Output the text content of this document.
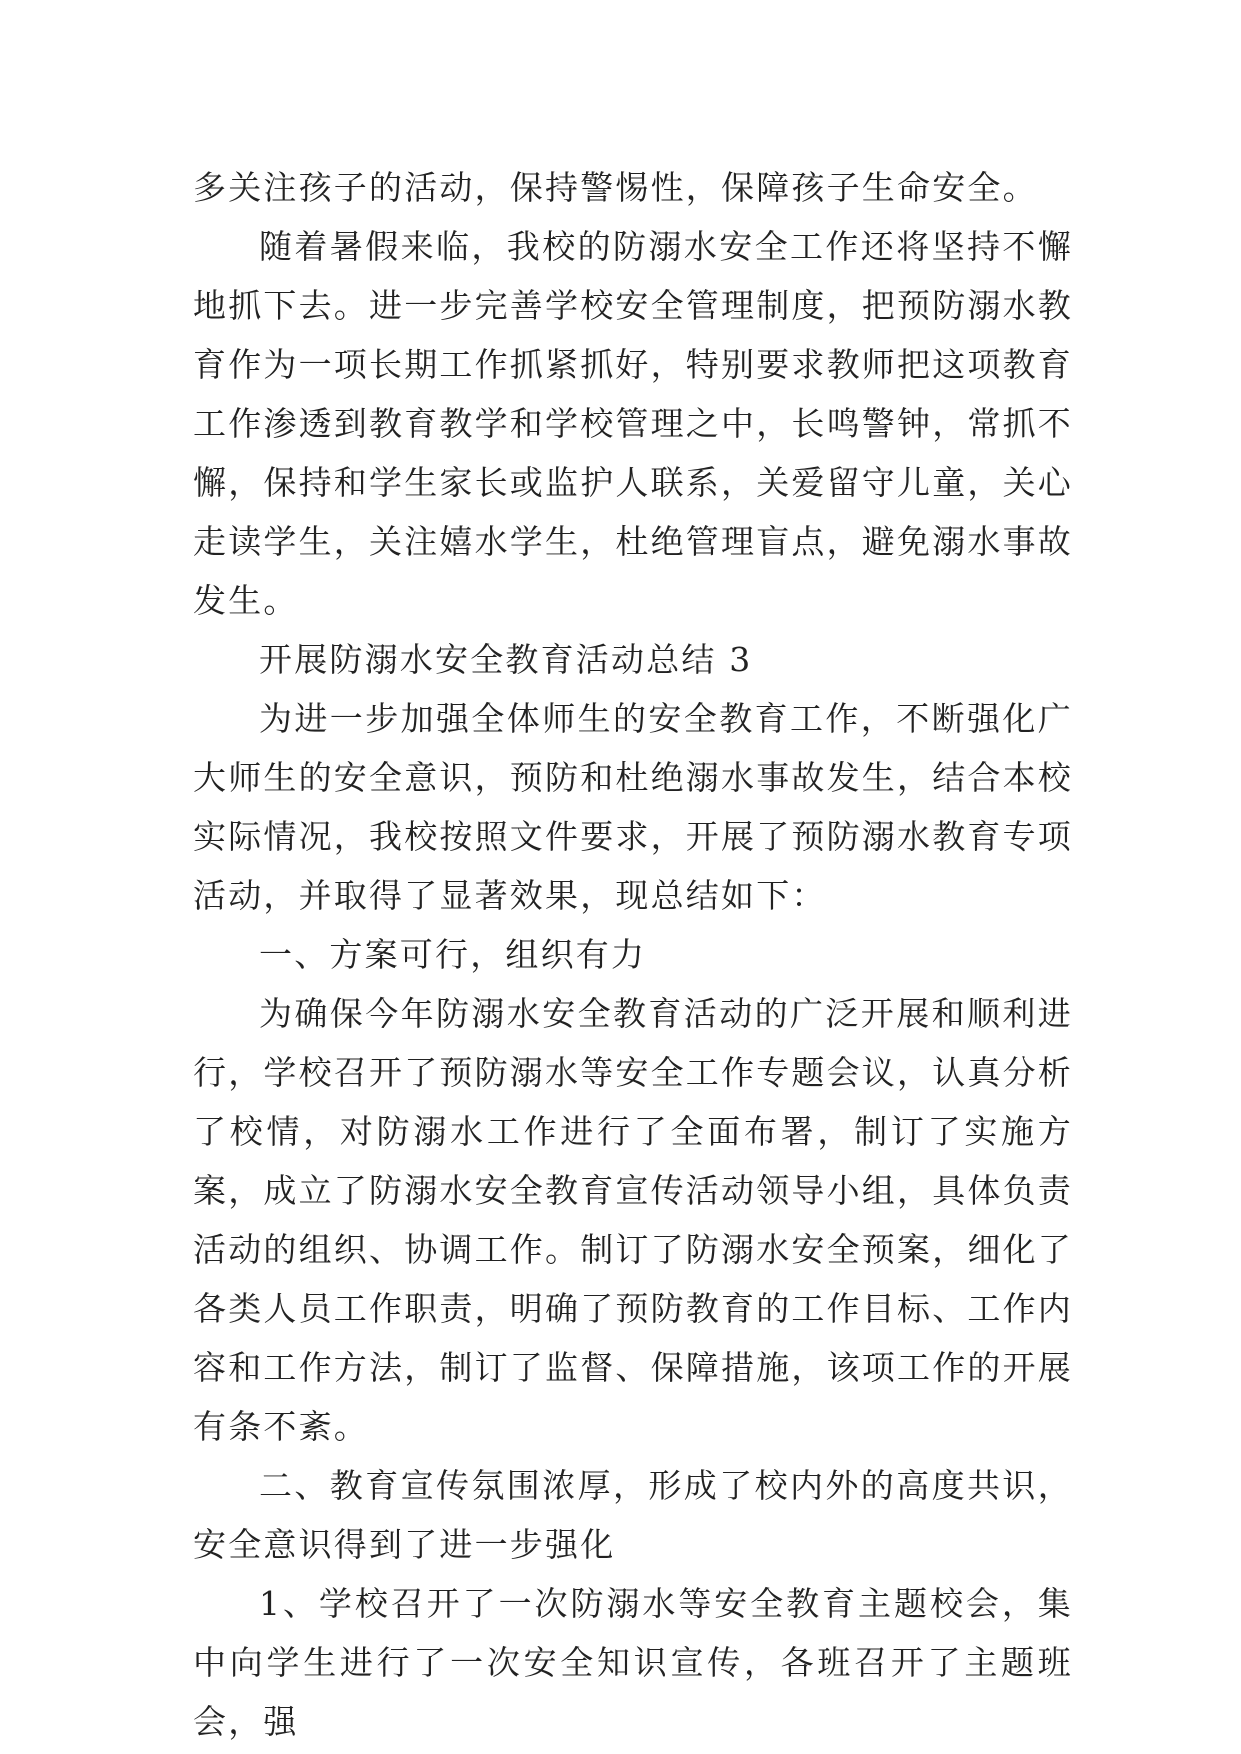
多关注孩子的活动，保持警惕性，保障孩子生命安全。

随着暑假来临，我校的防溺水安全工作还将坚持不懈地抓下去。进一步完善学校安全管理制度，把预防溺水教育作为一项长期工作抓紧抓好，特别要求教师把这项教育工作渗透到教育教学和学校管理之中，长鸣警钟，常抓不懈，保持和学生家长或监护人联系，关爱留守儿童，关心走读学生，关注嬉水学生，杜绝管理盲点，避免溺水事故发生。

开展防溺水安全教育活动总结 3

为进一步加强全体师生的安全教育工作，不断强化广大师生的安全意识，预防和杜绝溺水事故发生，结合本校实际情况，我校按照文件要求，开展了预防溺水教育专项活动，并取得了显著效果，现总结如下：

一、方案可行，组织有力

为确保今年防溺水安全教育活动的广泛开展和顺利进行，学校召开了预防溺水等安全工作专题会议，认真分析了校情，对防溺水工作进行了全面布署，制订了实施方案，成立了防溺水安全教育宣传活动领导小组，具体负责活动的组织、协调工作。制订了防溺水安全预案，细化了各类人员工作职责，明确了预防教育的工作目标、工作内容和工作方法，制订了监督、保障措施，该项工作的开展有条不紊。

二、教育宣传氛围浓厚，形成了校内外的高度共识，安全意识得到了进一步强化

1、学校召开了一次防溺水等安全教育主题校会，集中向学生进行了一次安全知识宣传，各班召开了主题班会，强
